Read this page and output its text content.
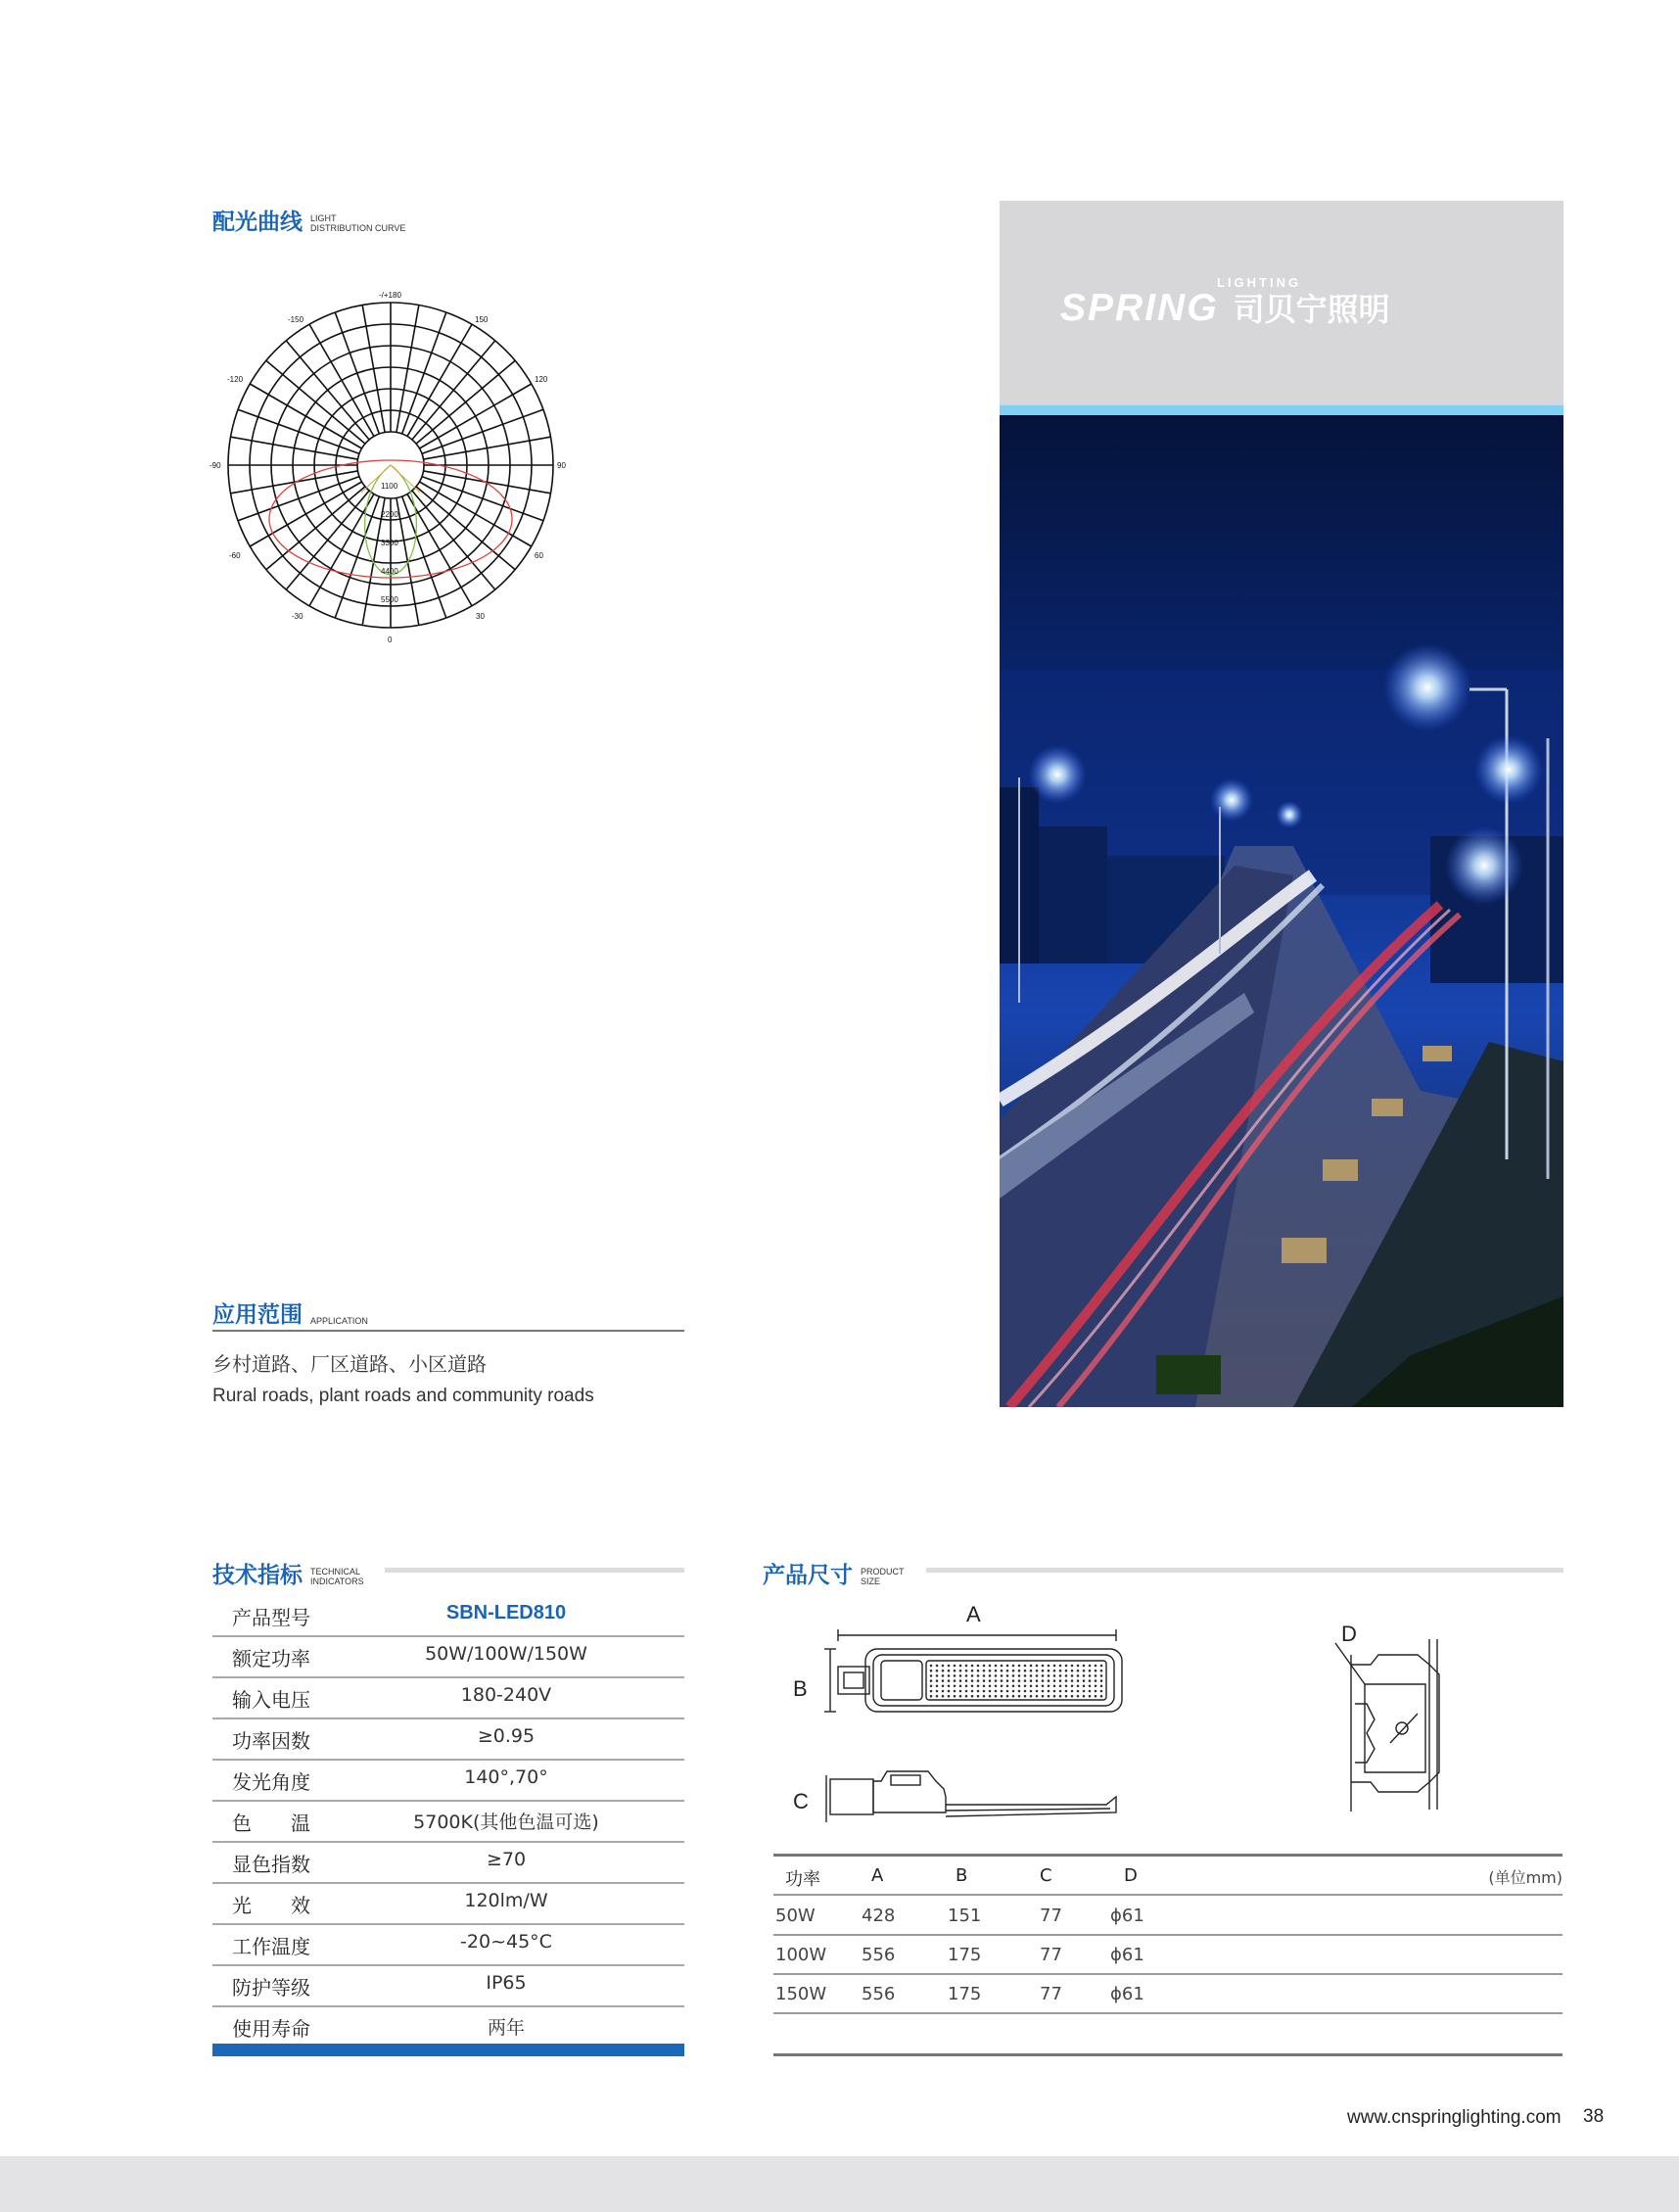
配光曲线 LIGHT
DISTRIBUTION CURVE
-/+180
-150	150
-120	120
-90	90
-60	60
-30	30
0
1100
2200
3300
4400
5500
应用范围 APPLICATION
乡村道路、厂区道路、小区道路
Rural roads, plant roads and community roads
LIGHTING
SPRING 司贝宁照明
技术指标 TECHNICAL
INDICATORS
产品型号	SBN-LED810
额定功率	50W/100W/150W
输入电压	180-240V
功率因数	≥0.95
发光角度	140°,70°
色　　温	5700K(其他色温可选)
显色指数	≥70
光　　效	120lm/W
工作温度	-20~45°C
防护等级	IP65
使用寿命	两年
产品尺寸 PRODUCT
SIZE
A
B
C
D
功率	A	B	C	D	(单位mm)
50W	428	151	77	ϕ61
100W 556	175	77	ϕ61
150W 556	175	77	ϕ61
www.cnspringlighting.com 38
